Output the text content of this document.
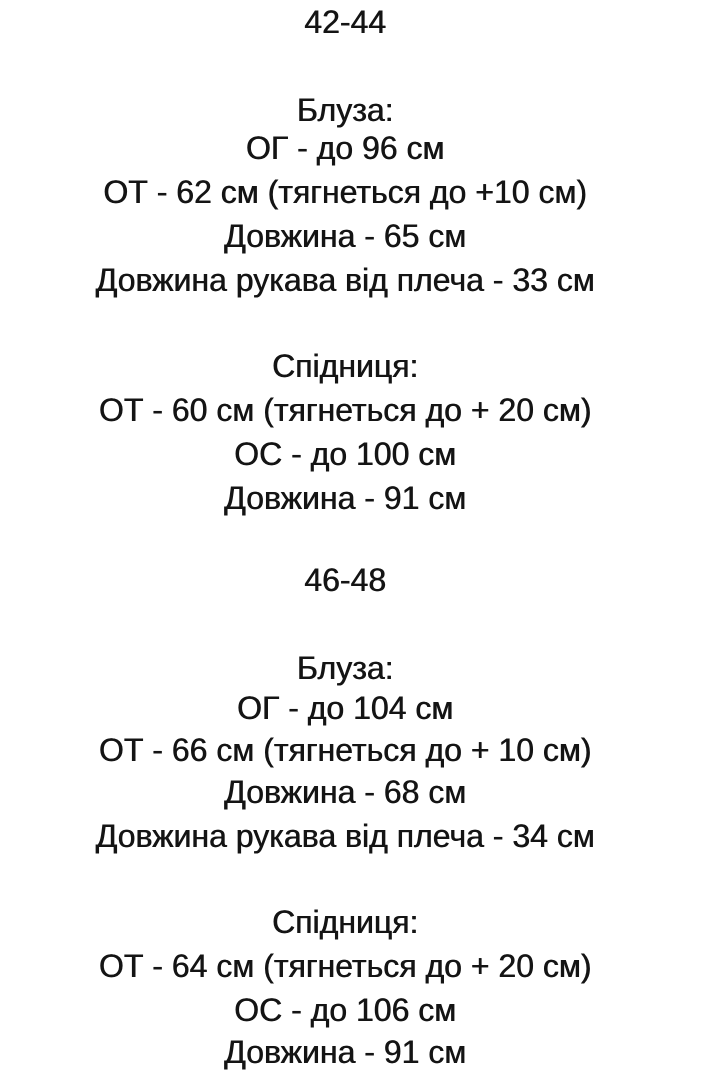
42-44
Блуза:
ОГ - до 96 см
ОТ - 62 см (тягнеться до +10 см)
Довжина - 65 см
Довжина рукава від плеча - 33 см
Спідниця:
ОТ - 60 см (тягнеться до + 20 см)
ОС - до 100 см
Довжина - 91 см
46-48
Блуза:
ОГ - до 104 см
ОТ - 66 см (тягнеться до + 10 см)
Довжина - 68 см
Довжина рукава від плеча - 34 см
Спідниця:
ОТ - 64 см (тягнеться до + 20 см)
ОС - до 106 см
Довжина - 91 см
